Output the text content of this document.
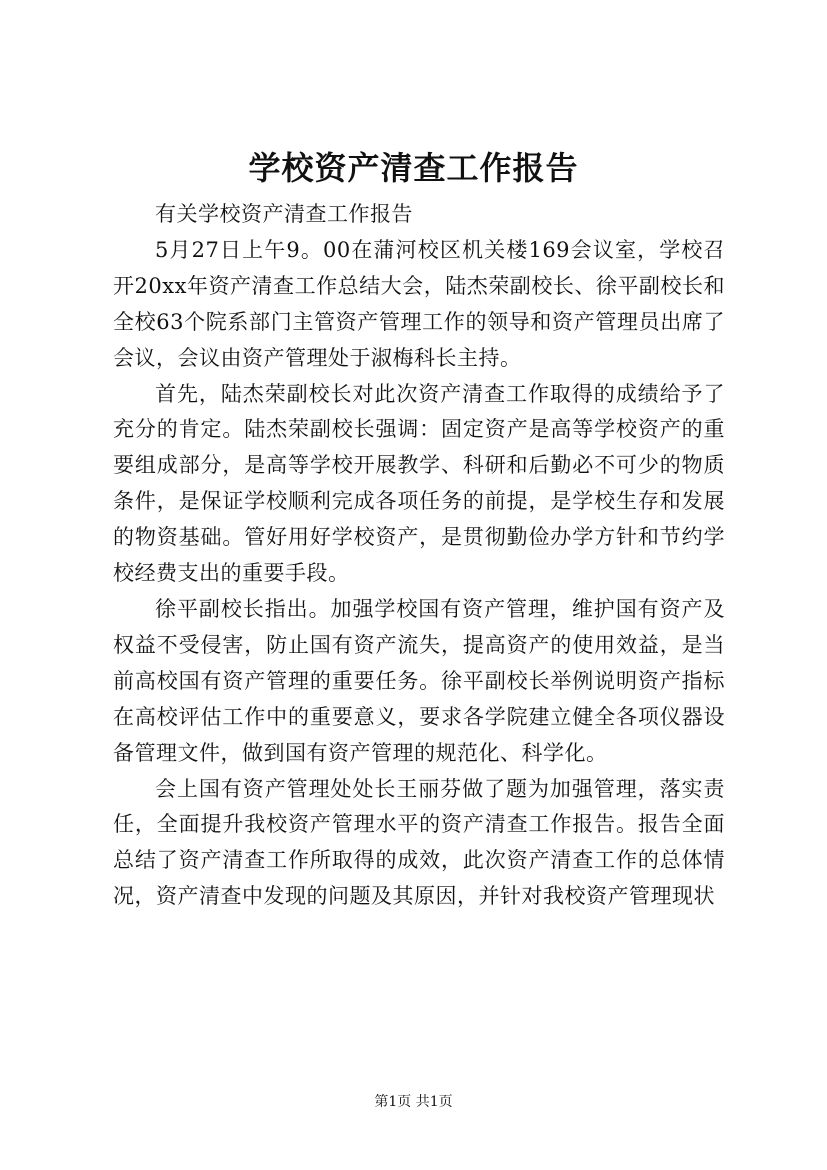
学校资产清查工作报告

有关学校资产清查工作报告

5月27日上午9。00在蒲河校区机关楼169会议室，学校召开20xx年资产清查工作总结大会，陆杰荣副校长、徐平副校长和全校63个院系部门主管资产管理工作的领导和资产管理员出席了会议，会议由资产管理处于淑梅科长主持。

首先，陆杰荣副校长对此次资产清查工作取得的成绩给予了充分的肯定。陆杰荣副校长强调：固定资产是高等学校资产的重要组成部分，是高等学校开展教学、科研和后勤必不可少的物质条件，是保证学校顺利完成各项任务的前提，是学校生存和发展的物资基础。管好用好学校资产，是贯彻勤俭办学方针和节约学校经费支出的重要手段。

徐平副校长指出。加强学校国有资产管理，维护国有资产及权益不受侵害，防止国有资产流失，提高资产的使用效益，是当前高校国有资产管理的重要任务。徐平副校长举例说明资产指标在高校评估工作中的重要意义，要求各学院建立健全各项仪器设备管理文件，做到国有资产管理的规范化、科学化。

会上国有资产管理处处长王丽芬做了题为加强管理，落实责任，全面提升我校资产管理水平的资产清查工作报告。报告全面总结了资产清查工作所取得的成效，此次资产清查工作的总体情况，资产清查中发现的问题及其原因，并针对我校资产管理现状

第1页 共1页
